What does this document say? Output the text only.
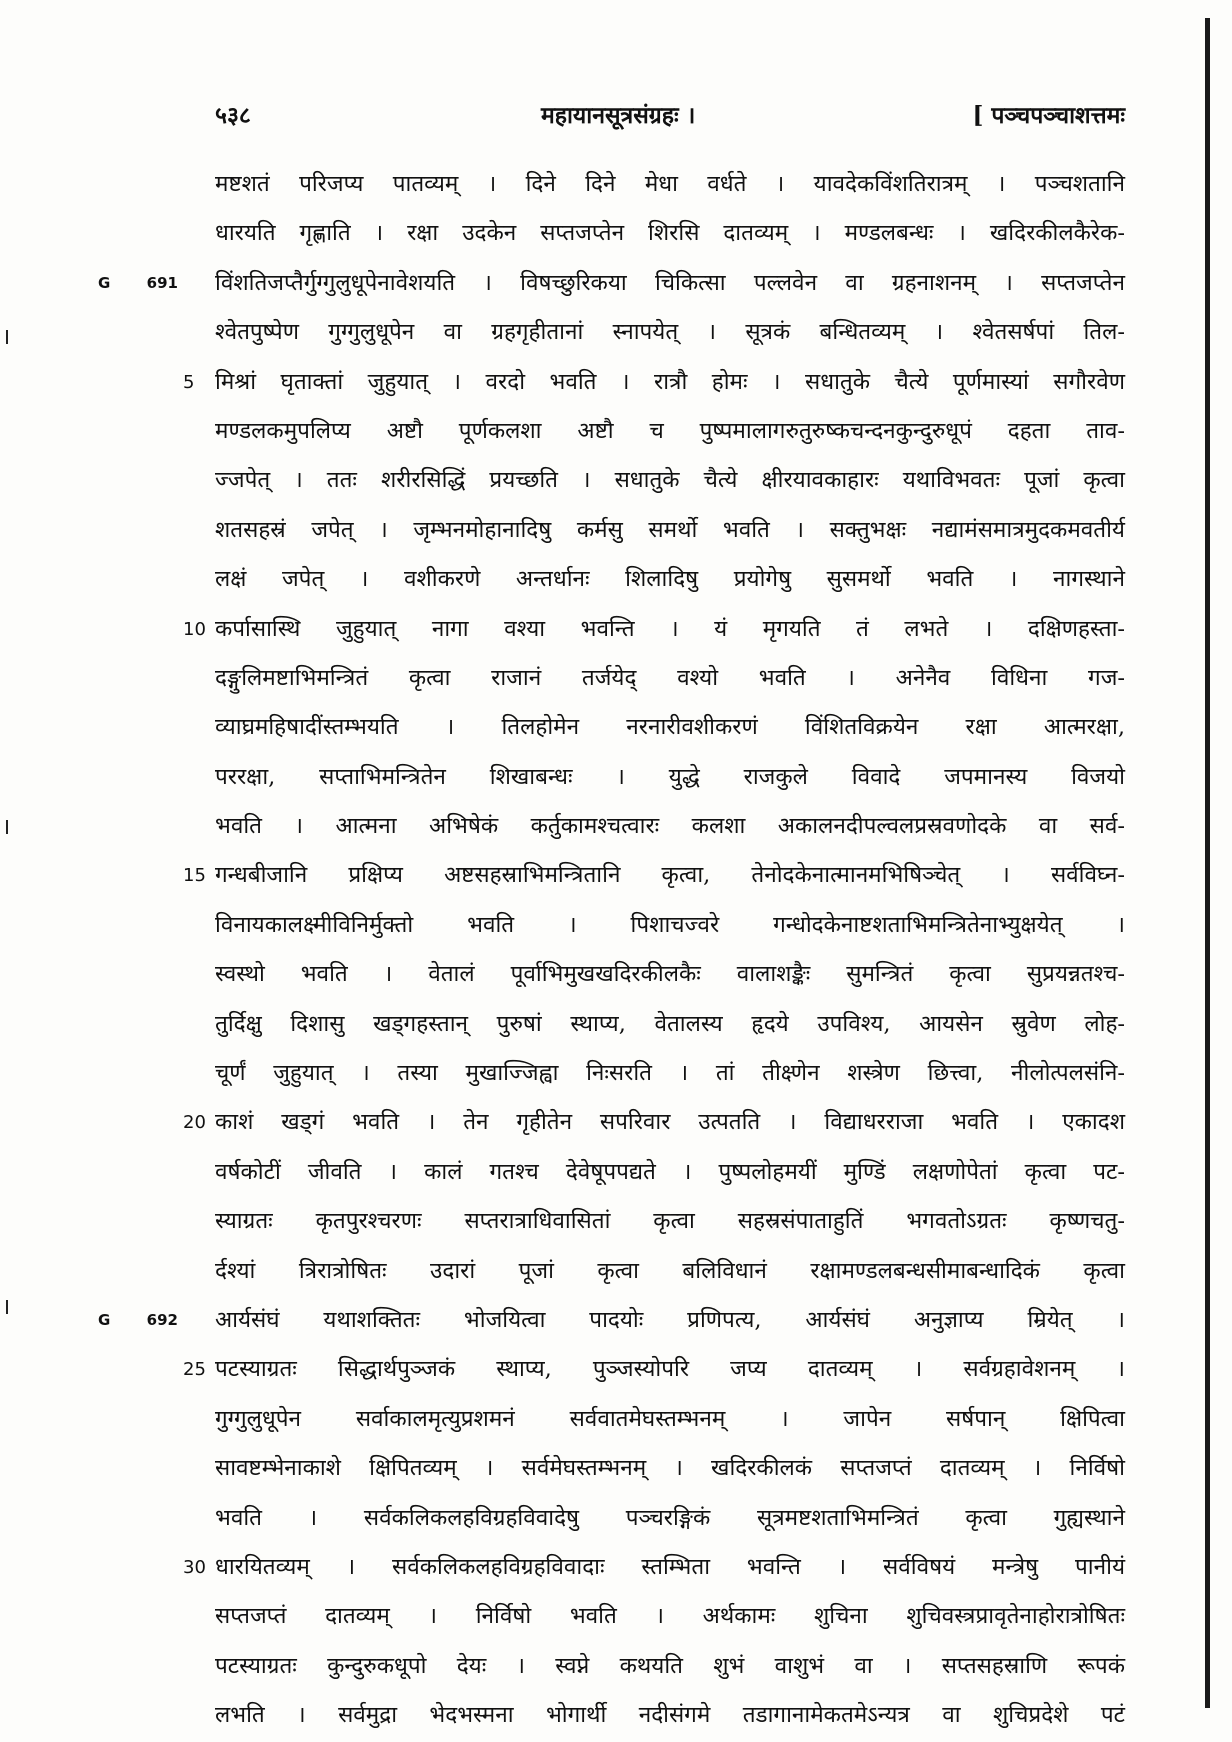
५३८	महायानसूत्रसंग्रहः ।	[ पञ्चपञ्चाशत्तमः
मष्टशतं परिजप्य पातव्यम् । दिने दिने मेधा वर्धते । यावदेकविंशतिरात्रम् । पञ्चशतानि
धारयति गृह्णाति । रक्षा उदकेन सप्तजप्तेन शिरसि दातव्यम् । मण्डलबन्धः । खदिरकीलकैरेक-
G 691 विंशतिजप्तैर्गुग्गुलुधूपेनावेशयति । विषच्छुरिकया चिकित्सा पल्लवेन वा ग्रहनाशनम् । सप्तजप्तेन
श्वेतपुष्पेण गुग्गुलुधूपेन वा ग्रहगृहीतानां स्नापयेत् । सूत्रकं बन्धितव्यम् । श्वेतसर्षपां तिल-
5 मिश्रां घृताक्तां जुहुयात् । वरदो भवति । रात्रौ होमः । सधातुके चैत्ये पूर्णमास्यां सगौरवेण
मण्डलकमुपलिप्य अष्टौ पूर्णकलशा अष्टौ च पुष्पमालागरुतुरुष्कचन्दनकुन्दुरुधूपं दहता ताव-
ज्जपेत् । ततः शरीरसिद्धिं प्रयच्छति । सधातुके चैत्ये क्षीरयावकाहारः यथाविभवतः पूजां कृत्वा
शतसहस्रं जपेत् । जृम्भनमोहानादिषु कर्मसु समर्थो भवति । सक्तुभक्षः नद्यामंसमात्रमुदकमवतीर्य
लक्षं जपेत् । वशीकरणे अन्तर्धानः शिलादिषु प्रयोगेषु सुसमर्थो भवति । नागस्थाने
10 कर्पासास्थि जुहुयात् नागा वश्या भवन्ति । यं मृगयति तं लभते । दक्षिणहस्ता-
दङ्गुलिमष्टाभिमन्त्रितं कृत्वा राजानं तर्जयेद् वश्यो भवति । अनेनैव विधिना गज-
व्याघ्रमहिषादींस्तम्भयति । तिलहोमेन नरनारीवशीकरणं विंशितविक्रयेन रक्षा आत्मरक्षा,
पररक्षा, सप्ताभिमन्त्रितेन शिखाबन्धः । युद्धे राजकुले विवादे जपमानस्य विजयो
भवति । आत्मना अभिषेकं कर्तुकामश्चत्वारः कलशा अकालनदीपल्वलप्रस्रवणोदके वा सर्व-
15 गन्धबीजानि प्रक्षिप्य अष्टसहस्राभिमन्त्रितानि कृत्वा, तेनोदकेनात्मानमभिषिञ्चेत् । सर्वविघ्न-
विनायकालक्ष्मीविनिर्मुक्तो भवति । पिशाचज्वरे गन्धोदकेनाष्टशताभिमन्त्रितेनाभ्युक्षयेत् ।
स्वस्थो भवति । वेतालं पूर्वाभिमुखखदिरकीलकैः वालाशङ्कैः सुमन्त्रितं कृत्वा सुप्रयन्नतश्च-
तुर्दिक्षु दिशासु खड्गहस्तान् पुरुषां स्थाप्य, वेतालस्य हृदये उपविश्य, आयसेन स्रुवेण लोह-
चूर्णं जुहुयात् । तस्या मुखाज्जिह्वा निःसरति । तां तीक्ष्णेन शस्त्रेण छित्त्वा, नीलोत्पलसंनि-
20 काशं खड्गं भवति । तेन गृहीतेन सपरिवार उत्पतति । विद्याधरराजा भवति । एकादश
वर्षकोटीं जीवति । कालं गतश्च देवेषूपपद्यते । पुष्पलोहमयीं मुण्डिं लक्षणोपेतां कृत्वा पट-
स्याग्रतः कृतपुरश्चरणः सप्तरात्राधिवासितां कृत्वा सहस्रसंपाताहुतिं भगवतोऽग्रतः कृष्णचतु-
र्दश्यां त्रिरात्रोषितः उदारां पूजां कृत्वा बलिविधानं रक्षामण्डलबन्धसीमाबन्धादिकं कृत्वा
G 692 आर्यसंघं यथाशक्तितः भोजयित्वा पादयोः प्रणिपत्य, आर्यसंघं अनुज्ञाप्य म्रियेत् ।
25 पटस्याग्रतः सिद्धार्थपुञ्जकं स्थाप्य, पुञ्जस्योपरि जप्य दातव्यम् । सर्वग्रहावेशनम् ।
गुग्गुलुधूपेन सर्वाकालमृत्युप्रशमनं सर्ववातमेघस्तम्भनम् । जापेन सर्षपान् क्षिपित्वा
सावष्टम्भेनाकाशे क्षिपितव्यम् । सर्वमेघस्तम्भनम् । खदिरकीलकं सप्तजप्तं दातव्यम् । निर्विषो
भवति । सर्वकलिकलहविग्रहविवादेषु पञ्चरङ्गिकं सूत्रमष्टशताभिमन्त्रितं कृत्वा गुह्यस्थाने
30 धारयितव्यम् । सर्वकलिकलहविग्रहविवादाः स्तम्भिता भवन्ति । सर्वविषयं मन्त्रेषु पानीयं
सप्तजप्तं दातव्यम् । निर्विषो भवति । अर्थकामः शुचिना शुचिवस्त्रप्रावृतेनाहोरात्रोषितः
पटस्याग्रतः कुन्दुरुकधूपो देयः । स्वप्ने कथयति शुभं वाशुभं वा । सप्तसहस्राणि रूपकं
लभति । सर्वमुद्रा भेदभस्मना भोगार्थी नदीसंगमे तडागानामेकतमेऽन्यत्र वा शुचिप्रदेशे पटं
